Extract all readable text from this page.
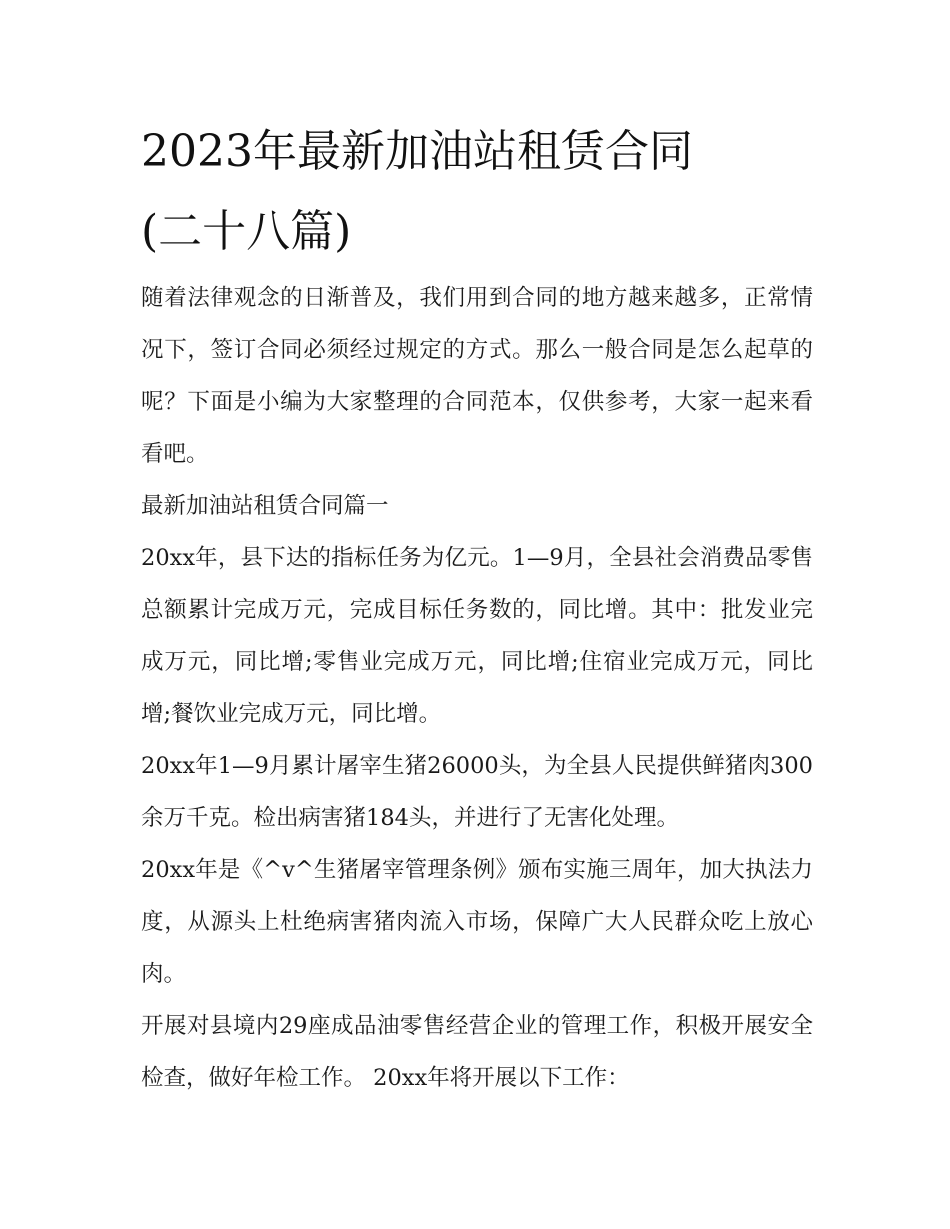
2023年最新加油站租赁合同
(二十八篇)

随着法律观念的日渐普及，我们用到合同的地方越来越多，正常情况下，签订合同必须经过规定的方式。那么一般合同是怎么起草的呢？下面是小编为大家整理的合同范本，仅供参考，大家一起来看看吧。

最新加油站租赁合同篇一

20xx年，县下达的指标任务为亿元。1—9月，全县社会消费品零售总额累计完成万元，完成目标任务数的，同比增。其中：批发业完成万元，同比增;零售业完成万元，同比增;住宿业完成万元，同比增;餐饮业完成万元，同比增。

20xx年1—9月累计屠宰生猪26000头，为全县人民提供鲜猪肉300余万千克。检出病害猪184头，并进行了无害化处理。

20xx年是《^v^生猪屠宰管理条例》颁布实施三周年，加大执法力度，从源头上杜绝病害猪肉流入市场，保障广大人民群众吃上放心肉。

开展对县境内29座成品油零售经营企业的管理工作，积极开展安全检查，做好年检工作。 20xx年将开展以下工作：
